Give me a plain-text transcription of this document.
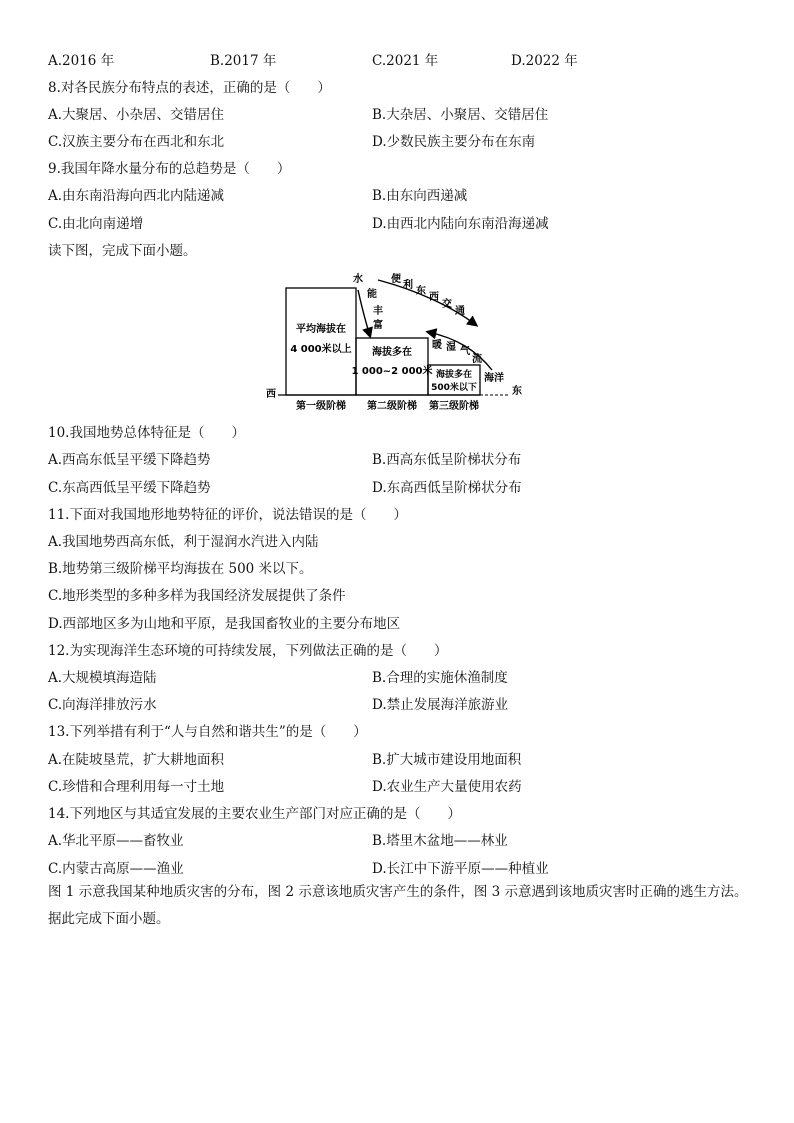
A.2016 年	B.2017 年	C.2021 年	D.2022 年
8.对各民族分布特点的表述，正确的是（　　）
A.大聚居、小杂居、交错居住	B.大杂居、小聚居、交错居住
C.汉族主要分布在西北和东北	D.少数民族主要分布在东南
9.我国年降水量分布的总趋势是（　　）
A.由东南沿海向西北内陆递减	B.由东向西递减
C.由北向南递增	D.由西北内陆向东南沿海递减
读下图，完成下面小题。
西	东
平均海拔在
4 000米以上 海拔多在
1 000~2 000米 海拔多在
500米以下
海洋
第一级阶梯 第二级阶梯 第三级阶梯
水
能
丰
富
便
利
东
西
交
通
暖 湿 气
流
10.我国地势总体特征是（　　）
A.西高东低呈平缓下降趋势	B.西高东低呈阶梯状分布
C.东高西低呈平缓下降趋势	D.东高西低呈阶梯状分布
11.下面对我国地形地势特征的评价，说法错误的是（　　）
A.我国地势西高东低，利于湿润水汽进入内陆
B.地势第三级阶梯平均海拔在 500 米以下。
C.地形类型的多种多样为我国经济发展提供了条件
D.西部地区多为山地和平原，是我国畜牧业的主要分布地区
12.为实现海洋生态环境的可持续发展，下列做法正确的是（　　）
A.大规模填海造陆	B.合理的实施休渔制度
C.向海洋排放污水	D.禁止发展海洋旅游业
13.下列举措有利于“人与自然和谐共生”的是（　　）
A.在陡坡垦荒，扩大耕地面积	B.扩大城市建设用地面积
C.珍惜和合理利用每一寸土地	D.农业生产大量使用农药
14.下列地区与其适宜发展的主要农业生产部门对应正确的是（　　）
A.华北平原——畜牧业	B.塔里木盆地——林业
C.内蒙古高原——渔业	D.长江中下游平原——种植业
图 1 示意我国某种地质灾害的分布，图 2 示意该地质灾害产生的条件，图 3 示意遇到该地质灾害时正确的逃生方法。据此完成下面小题。
